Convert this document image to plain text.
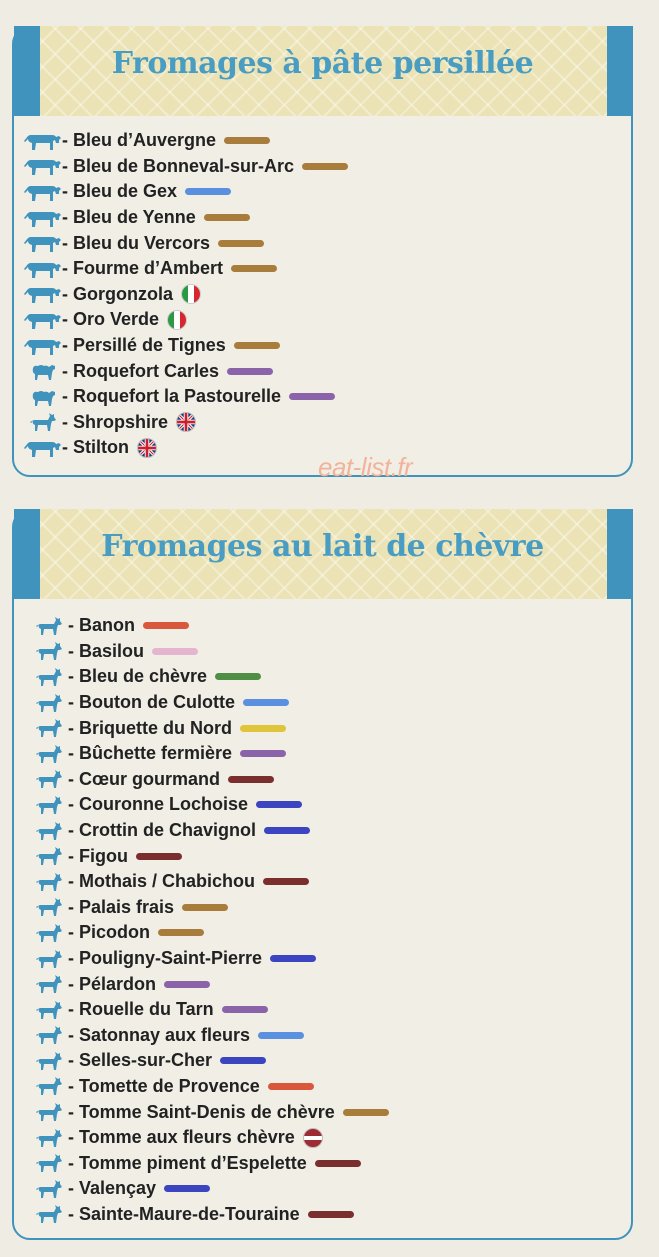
Fromages à pâte persillée
- Bleu d’Auvergne
- Bleu de Bonneval-sur-Arc
- Bleu de Gex
- Bleu de Yenne
- Bleu du Vercors
- Fourme d’Ambert
- Gorgonzola
- Oro Verde
- Persillé de Tignes
- Roquefort Carles
- Roquefort la Pastourelle
- Shropshire
- Stilton
eat-list.fr
Fromages au lait de chèvre
- Banon
- Basilou
- Bleu de chèvre
- Bouton de Culotte
- Briquette du Nord
- Bûchette fermière
- Cœur gourmand
- Couronne Lochoise
- Crottin de Chavignol
- Figou
- Mothais / Chabichou
- Palais frais
- Picodon
- Pouligny-Saint-Pierre
- Pélardon
- Rouelle du Tarn
- Satonnay aux fleurs
- Selles-sur-Cher
- Tomette de Provence
- Tomme Saint-Denis de chèvre
- Tomme aux fleurs chèvre
- Tomme piment d’Espelette
- Valençay
- Sainte-Maure-de-Touraine
